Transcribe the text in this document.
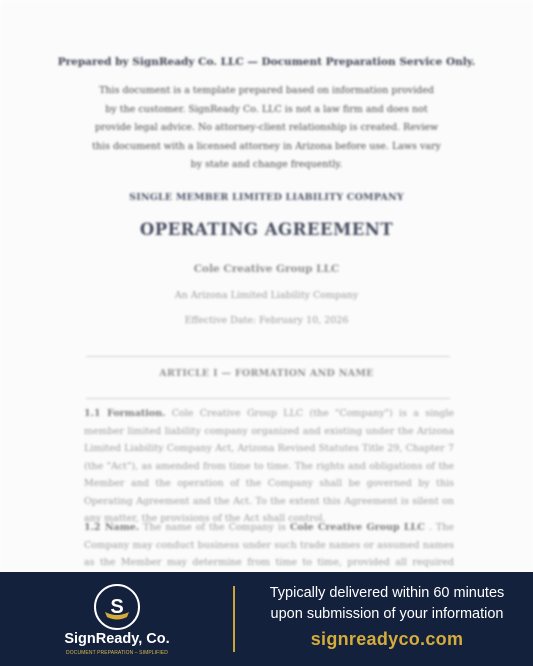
Prepared by SignReady Co. LLC — Document Preparation Service Only.
This document is a template prepared based on information provided by the customer. SignReady Co. LLC is not a law firm and does not provide legal advice. No attorney-client relationship is created. Review this document with a licensed attorney in Arizona before use. Laws vary by state and change frequently.
SINGLE MEMBER LIMITED LIABILITY COMPANY
OPERATING AGREEMENT
Cole Creative Group LLC
An Arizona Limited Liability Company
Effective Date: February 10, 2026
ARTICLE I — FORMATION AND NAME
1.1 Formation. Cole Creative Group LLC (the "Company") is a single member limited liability company organized and existing under the Arizona Limited Liability Company Act, Arizona Revised Statutes Title 29, Chapter 7 (the "Act"), as amended from time to time. The rights and obligations of the Member and the operation of the Company shall be governed by this Operating Agreement and the Act. To the extent this Agreement is silent on any matter, the provisions of the Act shall control.
1.2 Name. The name of the Company is Cole Creative Group LLC . The Company may conduct business under such trade names or assumed names as the Member may determine from time to time, provided all required
S
SignReady, Co.
DOCUMENT PREPARATION – SIMPLIFIED
Typically delivered within 60 minutes
upon submission of your information
signreadyco.com
